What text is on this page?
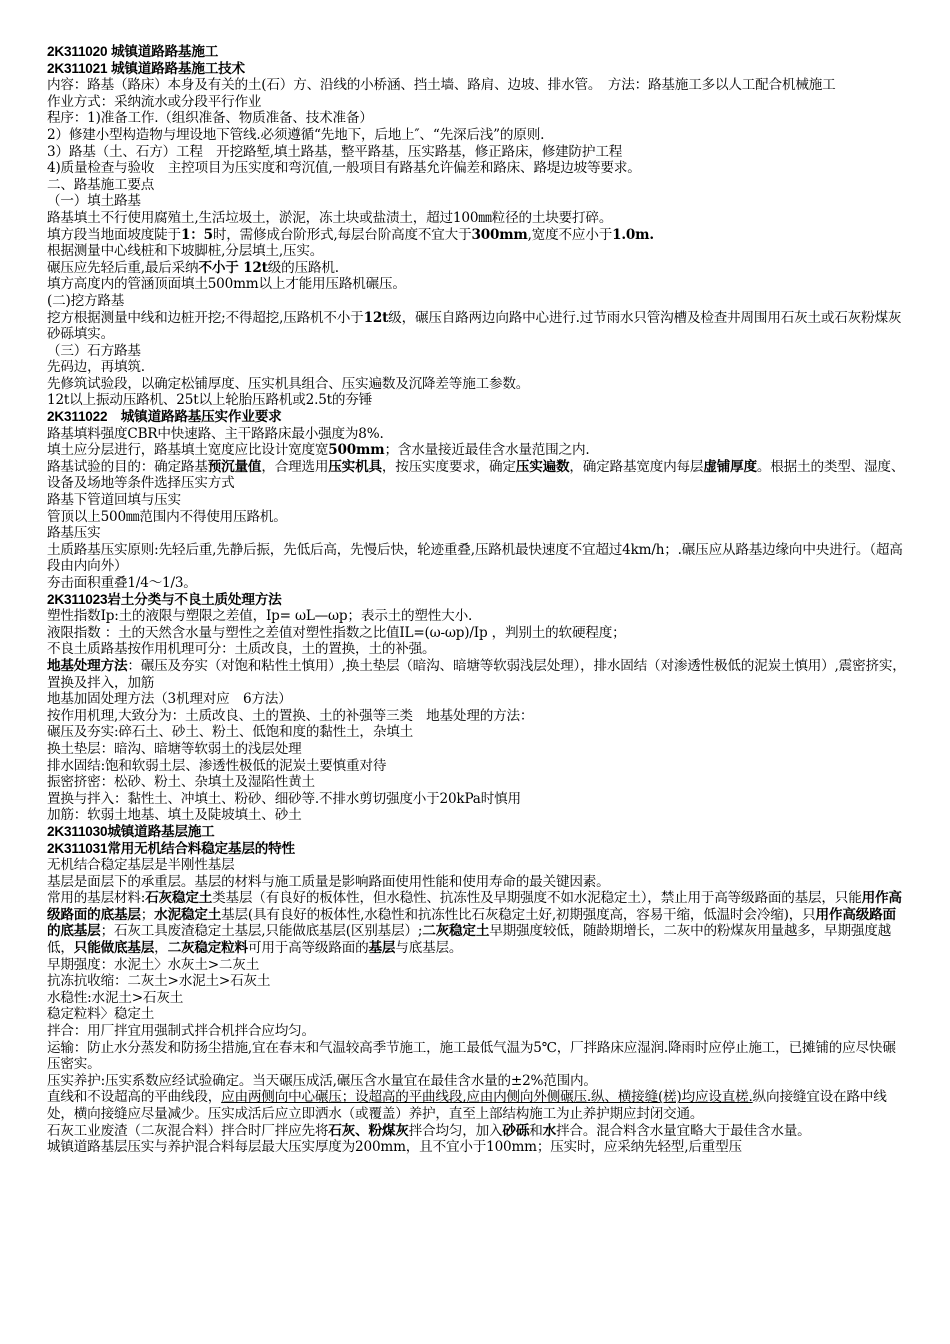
2K311020 城镇道路路基施工
2K311021 城镇道路路基施工技术
内容：路基（路床）本身及有关的土(石）方、沿线的小桥涵、挡土墙、路肩、边坡、排水管。　方法：路基施工多以人工配合机械施工
作业方式：采纳流水或分段平行作业
程序：1)准备工作.（组织准备、物质准备、技术准备）
2）修建小型构造物与埋设地下管线.必须遵循“先地下，后地上″、“先深后浅”的原则.
3）路基（土、石方）工程　开挖路堑,填土路基，整平路基，压实路基，修正路床，修建防护工程
4)质量检查与验收　主控项目为压实度和弯沉值,一般项目有路基允许偏差和路床、路堤边坡等要求。
二、路基施工要点
（一）填土路基
路基填土不行使用腐殖土,生活垃圾土，淤泥，冻土块或盐渍土，超过100㎜粒径的土块要打碎。
填方段当地面坡度陡于1：5时，需修成台阶形式,每层台阶高度不宜大于300mm,宽度不应小于1.0m.
根据测量中心线桩和下坡脚桩,分层填土,压实。
碾压应先轻后重,最后采纳不小于 12t级的压路机.
填方高度内的管涵顶面填土500mm以上才能用压路机碾压。
(二)挖方路基
挖方根据测量中线和边桩开挖;不得超挖,压路机不小于12t级，碾压自路两边向路中心进行.过节雨水只管沟槽及检查井周围用石灰土或石灰粉煤灰砂砾填实。
（三）石方路基
先码边，再填筑.
先修筑试验段，以确定松铺厚度、压实机具组合、压实遍数及沉降差等施工参数。
12t以上振动压路机、25t以上轮胎压路机或2.5t的夯锤
2K311022　城镇道路路基压实作业要求
路基填料强度CBR中快速路、主干路路床最小强度为8%.
填土应分层进行，路基填土宽度应比设计宽度宽500mm；含水量接近最佳含水量范围之内.
路基试验的目的：确定路基预沉量值，合理选用压实机具，按压实度要求，确定压实遍数，确定路基宽度内每层虚铺厚度。根据土的类型、湿度、设备及场地等条件选择压实方式
路基下管道回填与压实
管顶以上500㎜范围内不得使用压路机。
路基压实
土质路基压实原则:先轻后重,先静后振，先低后高，先慢后快，轮迹重叠,压路机最快速度不宜超过4km/h；.碾压应从路基边缘向中央进行。（超高段由内向外）
夯击面积重叠1/4～1/3。
2K311023岩土分类与不良土质处理方法
塑性指数Ip:土的液限与塑限之差值，Ip= ωL—ωp；表示土的塑性大小.
液限指数 ：土的天然含水量与塑性之差值对塑性指数之比值IL=(ω-ωp)/Ip ，判别土的软硬程度；
不良土质路基按作用机理可分：土质改良，土的置换，土的补强。
地基处理方法：碾压及夯实（对饱和粘性土慎用）,换土垫层（暗沟、暗塘等软弱浅层处理），排水固结（对渗透性极低的泥炭土慎用）,震密挤实，置换及拌入，加筋
地基加固处理方法（3机理对应　6方法）
按作用机理,大致分为：土质改良、土的置换、土的补强等三类　地基处理的方法：
碾压及夯实:碎石土、砂土、粉土、低饱和度的黏性土，杂填土
换土垫层：暗沟、暗塘等软弱土的浅层处理
排水固结:饱和软弱土层、渗透性极低的泥炭土要慎重对待
振密挤密：松砂、粉土、杂填土及湿陷性黄土
置换与拌入：黏性土、冲填土、粉砂、细砂等.不排水剪切强度小于20kPa时慎用
加筋：软弱土地基、填土及陡坡填土、砂土
2K311030城镇道路基层施工
2K311031常用无机结合料稳定基层的特性
无机结合稳定基层是半刚性基层
基层是面层下的承重层。基层的材料与施工质量是影响路面使用性能和使用寿命的最关键因素。
常用的基层材料:石灰稳定土类基层（有良好的板体性，但水稳性、抗冻性及早期强度不如水泥稳定土），禁止用于高等级路面的基层，只能用作高级路面的底基层；水泥稳定土基层(具有良好的板体性,水稳性和抗冻性比石灰稳定土好,初期强度高，容易干缩，低温时会冷缩)，只用作高级路面的底基层；石灰工具废渣稳定土基层,只能做底基层(区别基层）;二灰稳定土早期强度较低，随龄期增长，二灰中的粉煤灰用量越多，早期强度越低，只能做底基层，二灰稳定粒料可用于高等级路面的基层与底基层。
早期强度：水泥土〉水灰土>二灰土
抗冻抗收缩：二灰土>水泥土>石灰土
水稳性:水泥土>石灰土
稳定粒料〉稳定土
拌合：用厂拌宜用强制式拌合机拌合应均匀。
运输：防止水分蒸发和防扬尘措施,宜在春末和气温较高季节施工，施工最低气温为5℃，厂拌路床应湿润.降雨时应停止施工，已摊铺的应尽快碾压密实。
压实养护:压实系数应经试验确定。当天碾压成活,碾压含水量宜在最佳含水量的±2%范围内。
直线和不设超高的平曲线段，应由两侧向中心碾压；设超高的平曲线段,应由内侧向外侧碾压.纵、横接缝(槎)均应设直槎.纵向接缝宜设在路中线处，横向接缝应尽量减少。压实成活后应立即洒水（或覆盖）养护，直至上部结构施工为止养护期应封闭交通。
石灰工业废渣（二灰混合料）拌合时厂拌应先将石灰、粉煤灰拌合均匀，加入砂砾和水拌合。混合料含水量宜略大于最佳含水量。
城镇道路基层压实与养护混合料每层最大压实厚度为200mm，且不宜小于100mm；压实时，应采纳先轻型,后重型压
